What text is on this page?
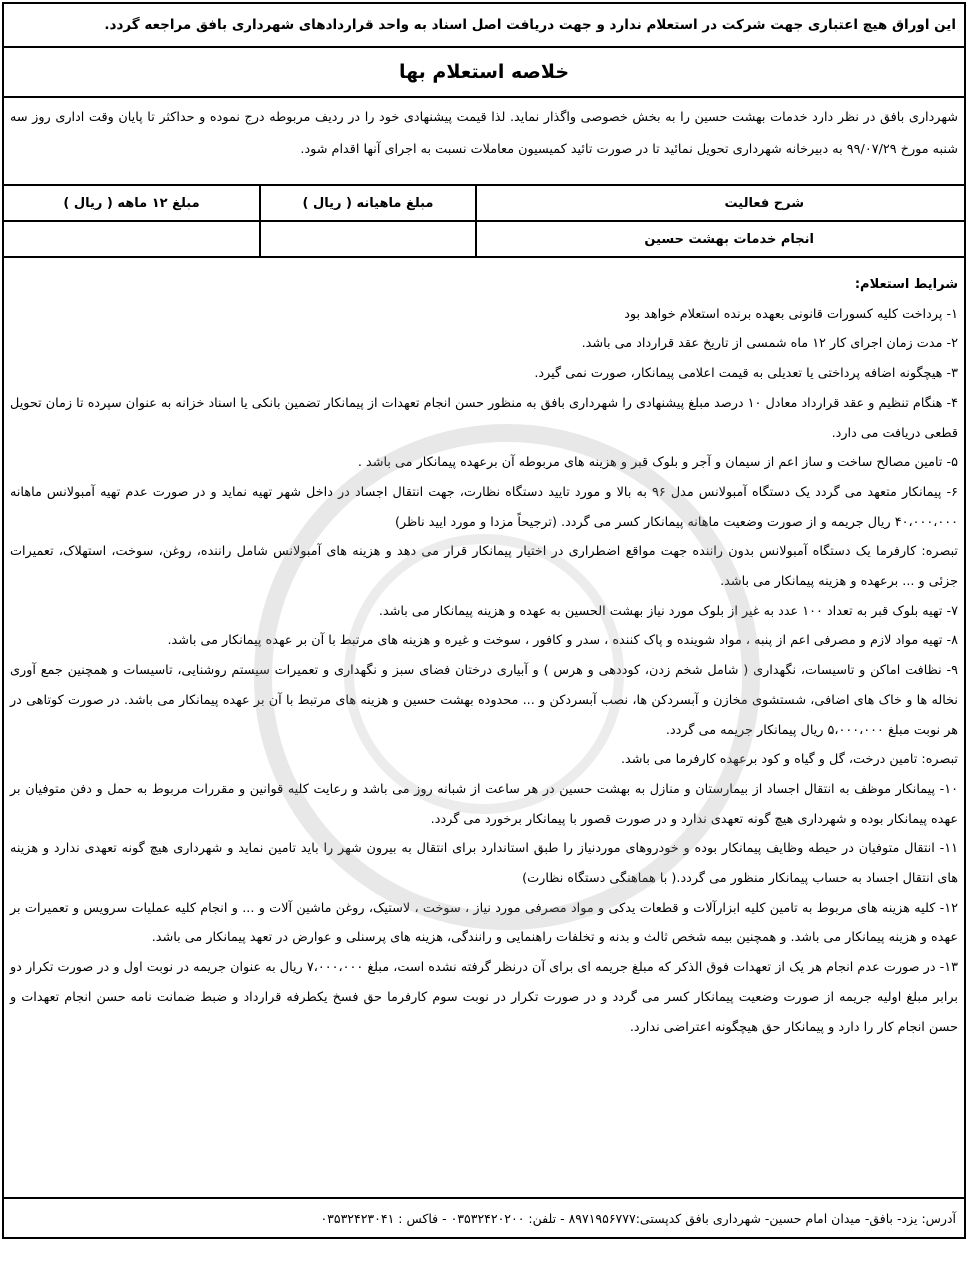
این اوراق هیچ اعتباری جهت شرکت در استعلام ندارد و جهت دریافت اصل اسناد به واحد قراردادهای شهرداری بافق مراجعه گردد.
خلاصه استعلام بها
شهرداری بافق در نظر دارد خدمات بهشت حسین را به بخش خصوصی واگذار نماید. لذا قیمت پیشنهادی خود را در ردیف مربوطه درج نموده و حداکثر تا پایان وقت اداری روز سه شنبه مورخ ۹۹/۰۷/۲۹ به دبیرخانه شهرداری تحویل نمائید تا در صورت تائید کمیسیون معاملات نسبت به اجرای آنها اقدام شود.
مبلغ ۱۲ ماهه ( ریال )	مبلغ ماهیانه ( ریال )	شرح فعالیت
انجام خدمات بهشت حسین
شرایط استعلام:

۱- پرداخت کلیه کسورات قانونی بعهده برنده استعلام خواهد بود

۲- مدت زمان اجرای کار ۱۲ ماه شمسی از تاریخ عقد قرارداد می باشد.

۳- هیچگونه اضافه پرداختی یا تعدیلی به قیمت اعلامی پیمانکار، صورت نمی گیرد.

۴- هنگام تنظیم و عقد قرارداد معادل ۱۰ درصد مبلغ پیشنهادی را شهرداری بافق به منظور حسن انجام تعهدات از پیمانکار تضمین بانکی یا اسناد خزانه به عنوان سپرده تا زمان تحویل قطعی دریافت می دارد.

۵- تامین مصالح ساخت و ساز اعم از سیمان و آجر و بلوک قبر و هزینه های مربوطه آن برعهده پیمانکار می باشد .

۶- پیمانکار متعهد می گردد یک دستگاه آمبولانس مدل ۹۶ به بالا و مورد تایید دستگاه نظارت، جهت انتقال اجساد در داخل شهر تهیه نماید و در صورت عدم تهیه آمبولانس ماهانه ۴۰،۰۰۰،۰۰۰ ریال جریمه و از صورت وضعیت ماهانه پیمانکار کسر می گردد. (ترجیحاً مزدا و مورد ایید ناظر)

تبصره: کارفرما یک دستگاه آمبولانس بدون راننده جهت مواقع اضطراری در اختیار پیمانکار قرار می دهد و هزینه های آمبولانس شامل راننده، روغن، سوخت، استهلاک، تعمیرات جزئی و ... برعهده و هزینه پیمانکار می باشد.

۷- تهیه بلوک قبر به تعداد ۱۰۰ عدد به غیر از بلوک مورد نیاز بهشت الحسین به عهده و هزینه پیمانکار می باشد.

۸- تهیه مواد لازم و مصرفی اعم از پنبه ، مواد شوینده و پاک کننده ، سدر و کافور ، سوخت و غیره و هزینه های مرتبط با آن بر عهده پیمانکار می باشد.

۹- نظافت اماکن و تاسیسات، نگهداری ( شامل شخم زدن، کوددهی و هرس ) و آبیاری درختان فضای سبز و نگهداری و تعمیرات سیستم روشنایی، تاسیسات و همچنین جمع آوری نخاله ها و خاک های اضافی، شستشوی مخازن و آبسردکن ها، نصب آبسردکن و ... محدوده بهشت حسین و هزینه های مرتبط با آن بر عهده پیمانکار می باشد. در صورت کوتاهی در هر نوبت مبلغ ۵،۰۰۰،۰۰۰ ریال پیمانکار جریمه می گردد.

تبصره: تامین درخت، گل و گیاه و کود برعهده کارفرما می باشد.

۱۰- پیمانکار موظف به انتقال اجساد از بیمارستان و منازل به بهشت حسین در هر ساعت از شبانه روز می باشد و رعایت کلیه قوانین و مقررات مربوط به حمل و دفن متوفیان بر عهده پیمانکار بوده و شهرداری هیچ گونه تعهدی ندارد و در صورت قصور با پیمانکار برخورد می گردد.

۱۱- انتقال متوفیان در حیطه وظایف پیمانکار بوده و خودروهای موردنیاز را طبق استاندارد برای انتقال به بیرون شهر را باید تامین نماید و شهرداری هیچ گونه تعهدی ندارد و هزینه های انتقال اجساد به حساب پیمانکار منظور می گردد.( با هماهنگی دستگاه نظارت)

۱۲- کلیه هزینه های مربوط به تامین کلیه ابزارآلات و قطعات یدکی و مواد مصرفی مورد نیاز ، سوخت ، لاستیک، روغن ماشین آلات و ... و انجام کلیه عملیات سرویس و تعمیرات بر عهده و هزینه پیمانکار می باشد. و همچنین بیمه شخص ثالث و بدنه و تخلفات راهنمایی و رانندگی، هزینه های پرسنلی و عوارض در تعهد پیمانکار می باشد.

۱۳- در صورت عدم انجام هر یک از تعهدات فوق الذکر که مبلغ جریمه ای برای آن درنظر گرفته نشده است، مبلغ ۷،۰۰۰،۰۰۰ ریال به عنوان جریمه در نوبت اول و در صورت تکرار دو برابر مبلغ اولیه جریمه از صورت وضعیت پیمانکار کسر می گردد و در صورت تکرار در نوبت سوم کارفرما حق فسخ یکطرفه قرارداد و ضبط ضمانت نامه حسن انجام تعهدات و حسن انجام کار را دارد و پیمانکار حق هیچگونه اعتراضی ندارد.

آدرس: یزد- بافق- میدان امام حسین- شهرداری بافق کدپستی:۸۹۷۱۹۵۶۷۷۷ - تلفن: ۰۳۵۳۲۴۲۰۲۰۰ - فاکس : ۰۳۵۳۲۴۲۳۰۴۱
